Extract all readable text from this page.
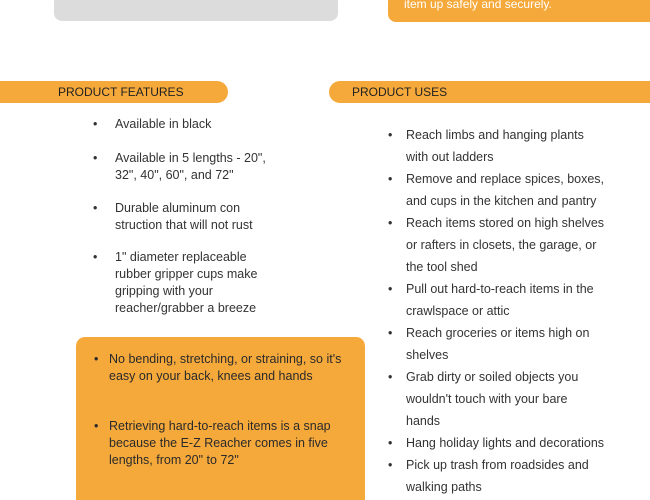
item up safely and securely.
PRODUCT FEATURES	PRODUCT USES
•	Available in black
•	Available in 5 lengths - 20",
32", 40", 60", and 72"
•	Durable aluminum con
struction that will not rust
•	1" diameter replaceable
rubber gripper cups make
gripping with your
reacher/grabber a breeze
• No bending, stretching, or straining, so it's
easy on your back, knees and hands
• Retrieving hard-to-reach items is a snap
because the E-Z Reacher comes in five
lengths, from 20" to 72"
•	Reach limbs and hanging plants
with out ladders
•	Remove and replace spices, boxes,
and cups in the kitchen and pantry
•	Reach items stored on high shelves
or rafters in closets, the garage, or
the tool shed
•	Pull out hard-to-reach items in the
crawlspace or attic
•	Reach groceries or items high on
shelves
•	Grab dirty or soiled objects you
wouldn't touch with your bare
hands
•	Hang holiday lights and decorations
•	Pick up trash from roadsides and
walking paths
